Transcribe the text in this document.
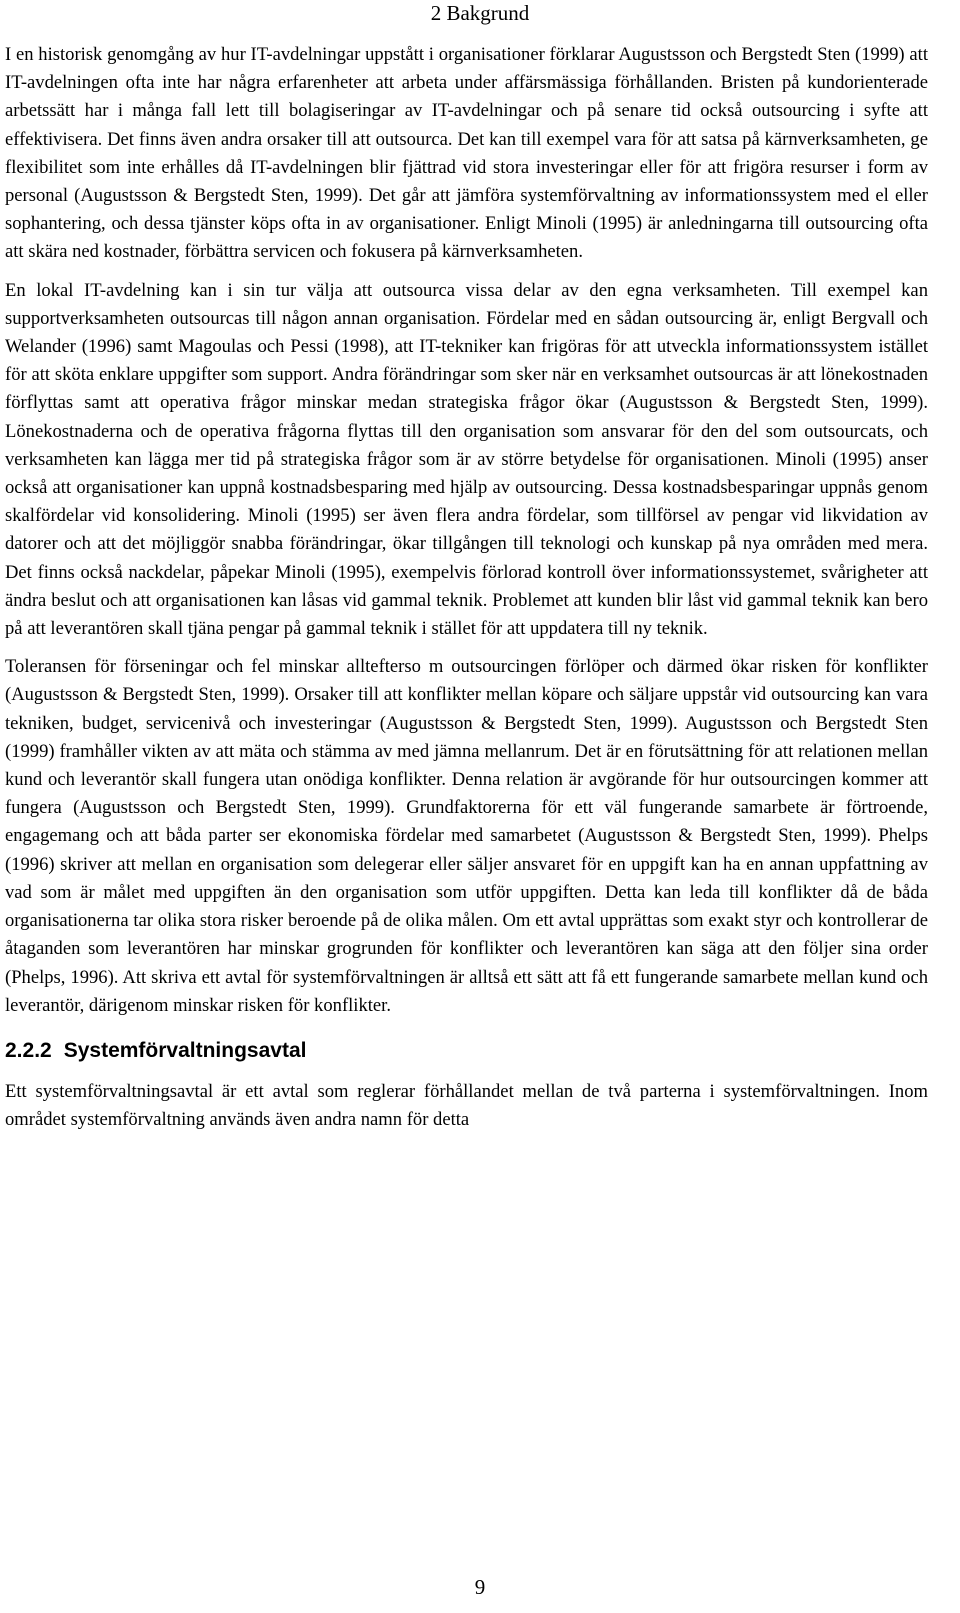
2 Bakgrund

I en historisk genomgång av hur IT-avdelningar uppstått i organisationer förklarar Augustsson och Bergstedt Sten (1999) att IT-avdelningen ofta inte har några erfarenheter att arbeta under affärsmässiga förhållanden. Bristen på kundorienterade arbetssätt har i många fall lett till bolagiseringar av IT-avdelningar och på senare tid också outsourcing i syfte att effektivisera. Det finns även andra orsaker till att outsourca. Det kan till exempel vara för att satsa på kärnverksamheten, ge flexibilitet som inte erhålles då IT-avdelningen blir fjättrad vid stora investeringar eller för att frigöra resurser i form av personal (Augustsson & Bergstedt Sten, 1999). Det går att jämföra systemförvaltning av informationssystem med el eller sophantering, och dessa tjänster köps ofta in av organisationer. Enligt Minoli (1995) är anledningarna till outsourcing ofta att skära ned kostnader, förbättra servicen och fokusera på kärnverksamheten.

En lokal IT-avdelning kan i sin tur välja att outsourca vissa delar av den egna verksamheten. Till exempel kan supportverksamheten outsourcas till någon annan organisation. Fördelar med en sådan outsourcing är, enligt Bergvall och Welander (1996) samt Magoulas och Pessi (1998), att IT-tekniker kan frigöras för att utveckla informationssystem istället för att sköta enklare uppgifter som support. Andra förändringar som sker när en verksamhet outsourcas är att lönekostnaden förflyttas samt att operativa frågor minskar medan strategiska frågor ökar (Augustsson & Bergstedt Sten, 1999). Lönekostnaderna och de operativa frågorna flyttas till den organisation som ansvarar för den del som outsourcats, och verksamheten kan lägga mer tid på strategiska frågor som är av större betydelse för organisationen. Minoli (1995) anser också att organisationer kan uppnå kostnadsbesparing med hjälp av outsourcing. Dessa kostnadsbesparingar uppnås genom skalfördelar vid konsolidering. Minoli (1995) ser även flera andra fördelar, som tillförsel av pengar vid likvidation av datorer och att det möjliggör snabba förändringar, ökar tillgången till teknologi och kunskap på nya områden med mera. Det finns också nackdelar, påpekar Minoli (1995), exempelvis förlorad kontroll över informationssystemet, svårigheter att ändra beslut och att organisationen kan låsas vid gammal teknik. Problemet att kunden blir låst vid gammal teknik kan bero på att leverantören skall tjäna pengar på gammal teknik i stället för att uppdatera till ny teknik.

Toleransen för förseningar och fel minskar alltefterso m outsourcingen förlöper och därmed ökar risken för konflikter (Augustsson & Bergstedt Sten, 1999). Orsaker till att konflikter mellan köpare och säljare uppstår vid outsourcing kan vara tekniken, budget, servicenivå och investeringar (Augustsson & Bergstedt Sten, 1999). Augustsson och Bergstedt Sten (1999) framhåller vikten av att mäta och stämma av med jämna mellanrum. Det är en förutsättning för att relationen mellan kund och leverantör skall fungera utan onödiga konflikter. Denna relation är avgörande för hur outsourcingen kommer att fungera (Augustsson och Bergstedt Sten, 1999). Grundfaktorerna för ett väl fungerande samarbete är förtroende, engagemang och att båda parter ser ekonomiska fördelar med samarbetet (Augustsson & Bergstedt Sten, 1999). Phelps (1996) skriver att mellan en organisation som delegerar eller säljer ansvaret för en uppgift kan ha en annan uppfattning av vad som är målet med uppgiften än den organisation som utför uppgiften. Detta kan leda till konflikter då de båda organisationerna tar olika stora risker beroende på de olika målen. Om ett avtal upprättas som exakt styr och kontrollerar de åtaganden som leverantören har minskar grogrunden för konflikter och leverantören kan säga att den följer sina order (Phelps, 1996). Att skriva ett avtal för systemförvaltningen är alltså ett sätt att få ett fungerande samarbete mellan kund och leverantör, därigenom minskar risken för konflikter.

2.2.2 Systemförvaltningsavtal

Ett systemförvaltningsavtal är ett avtal som reglerar förhållandet mellan de två parterna i systemförvaltningen. Inom området systemförvaltning används även andra namn för detta

9
